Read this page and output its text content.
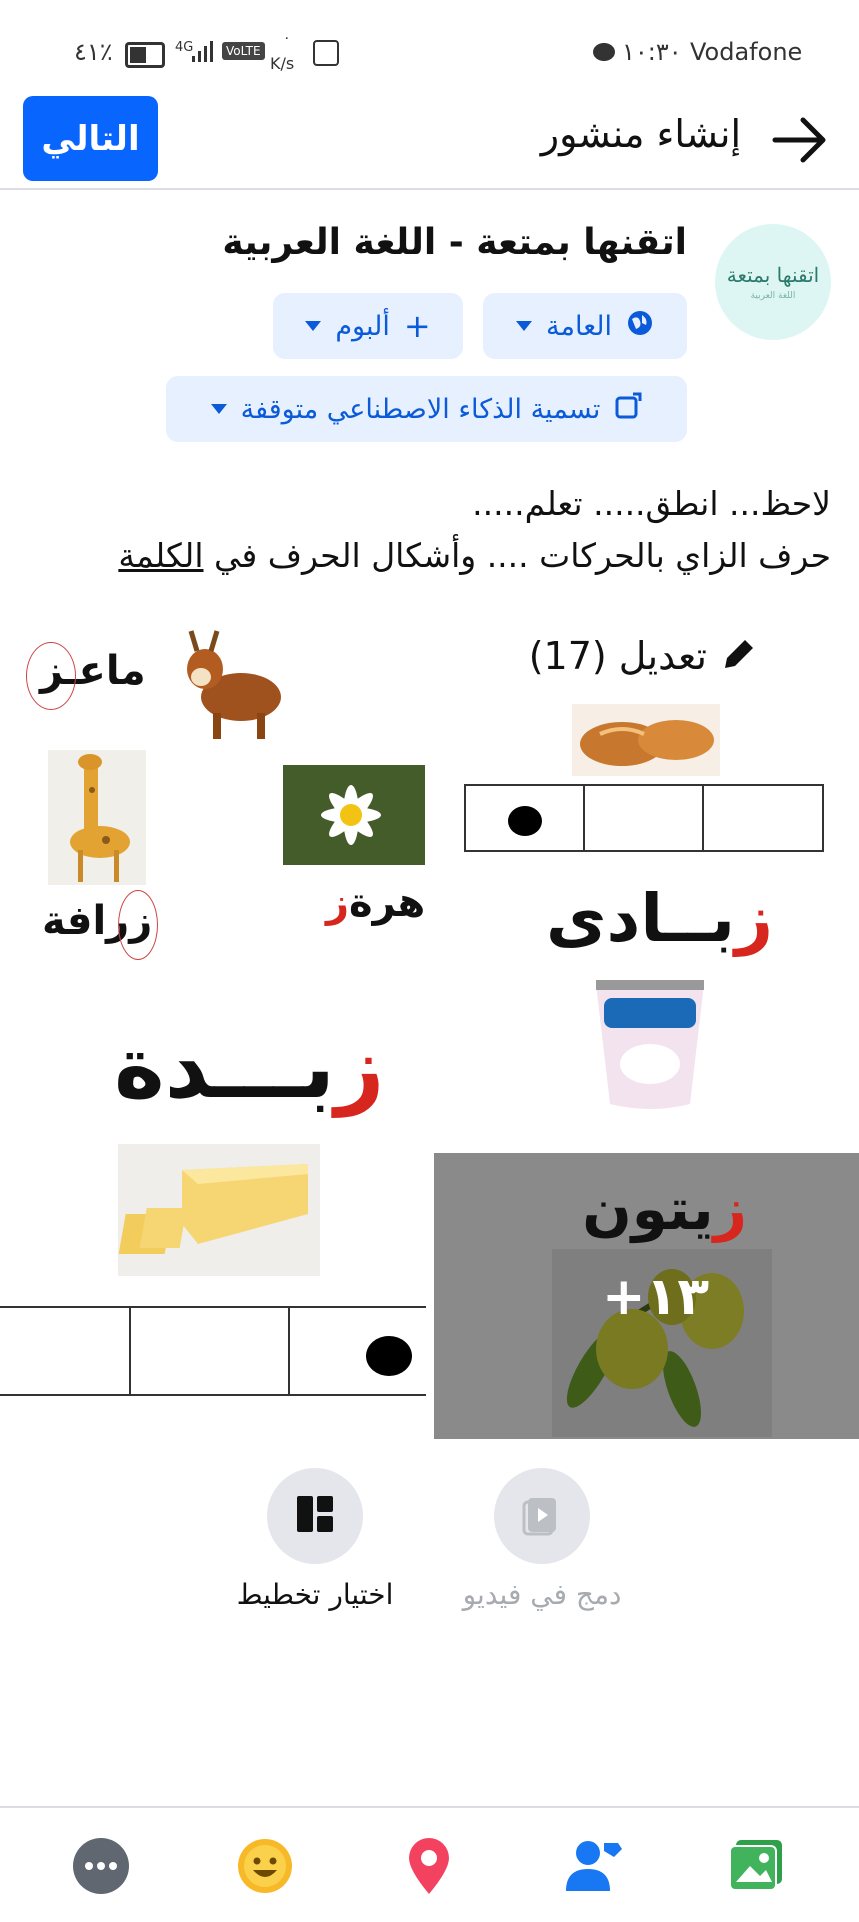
٤١٪	4G	VoLTE
٠
K/s	١٠:٣٠ Vodafone
التالي	إنشاء منشور
اتقنها بمتعة
اللغة العربية
اتقنها بمتعة - اللغة العربية
العامة
+
ألبوم
تسمية الذكاء الاصطناعي متوقفة
لاحظ... انطق..... تعلم.....
حرف الزاي بالحركات .... وأشكال الحرف في الكلمة
ماعـز
هرةز
زرافة
تعديل (17)
زبــادى
زبـــدة
زيتون
+١٣
دمج في فيديو
اختيار تخطيط
